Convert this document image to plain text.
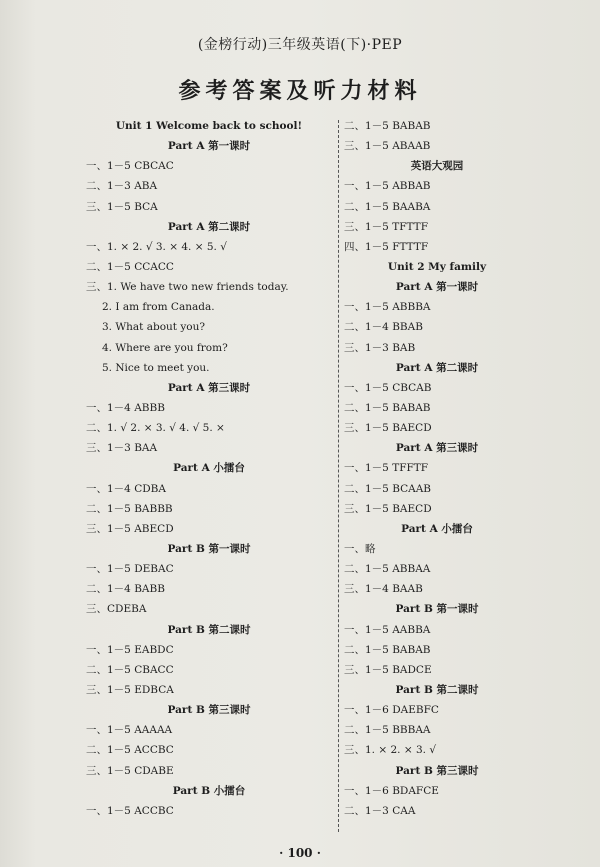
(金榜行动)三年级英语(下)·PEP
参考答案及听力材料
Unit 1 Welcome back to school!
Part A 第一课时
一、1－5 CBCAC
二、1－3 ABA
三、1－5 BCA
Part A 第二课时
一、1. × 2. √ 3. × 4. × 5. √
二、1－5 CCACC
三、1. We have two new friends today.
2. I am from Canada.
3. What about you?
4. Where are you from?
5. Nice to meet you.
Part A 第三课时
一、1－4 ABBB
二、1. √ 2. × 3. √ 4. √ 5. ×
三、1－3 BAA
Part A 小擂台
一、1－4 CDBA
二、1－5 BABBB
三、1－5 ABECD
Part B 第一课时
一、1－5 DEBAC
二、1－4 BABB
三、CDEBA
Part B 第二课时
一、1－5 EABDC
二、1－5 CBACC
三、1－5 EDBCA
Part B 第三课时
一、1－5 AAAAA
二、1－5 ACCBC
三、1－5 CDABE
Part B 小擂台
一、1－5 ACCBC
二、1－5 BABAB
三、1－5 ABAAB
英语大观园
一、1－5 ABBAB
二、1－5 BAABA
三、1－5 TFTTF
四、1－5 FTTTF
Unit 2 My family
Part A 第一课时
一、1－5 ABBBA
二、1－4 BBAB
三、1－3 BAB
Part A 第二课时
一、1－5 CBCAB
二、1－5 BABAB
三、1－5 BAECD
Part A 第三课时
一、1－5 TFFTF
二、1－5 BCAAB
三、1－5 BAECD
Part A 小擂台
一、略
二、1－5 ABBAA
三、1－4 BAAB
Part B 第一课时
一、1－5 AABBA
二、1－5 BABAB
三、1－5 BADCE
Part B 第二课时
一、1－6 DAEBFC
二、1－5 BBBAA
三、1. × 2. × 3. √
Part B 第三课时
一、1－6 BDAFCE
二、1－3 CAA
· 100 ·
